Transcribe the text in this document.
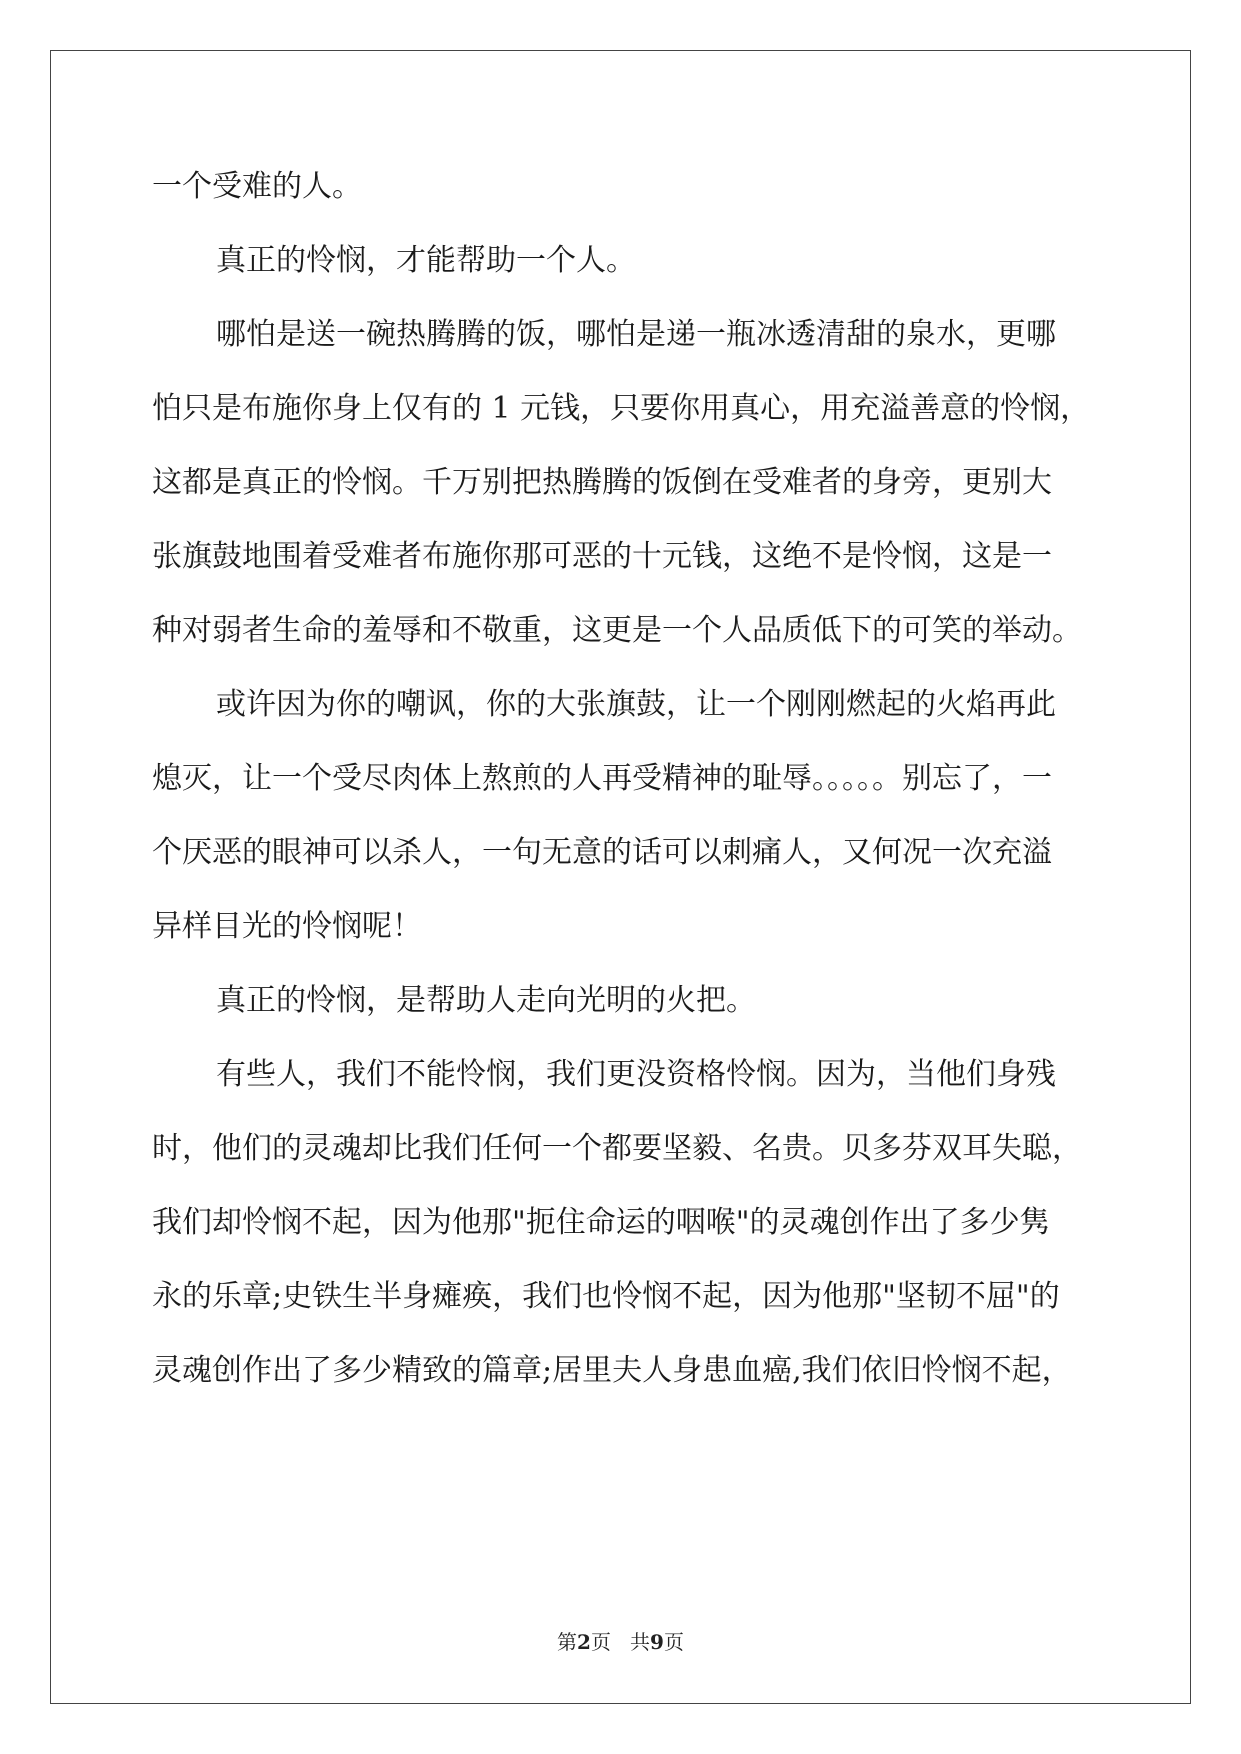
一个受难的人。
真正的怜悯，才能帮助一个人。
哪怕是送一碗热腾腾的饭，哪怕是递一瓶冰透清甜的泉水，更哪
怕只是布施你身上仅有的 1 元钱，只要你用真心，用充溢善意的怜悯，
这都是真正的怜悯。千万别把热腾腾的饭倒在受难者的身旁，更别大
张旗鼓地围着受难者布施你那可恶的十元钱，这绝不是怜悯，这是一
种对弱者生命的羞辱和不敬重，这更是一个人品质低下的可笑的举动。
或许因为你的嘲讽，你的大张旗鼓，让一个刚刚燃起的火焰再此
熄灭，让一个受尽肉体上熬煎的人再受精神的耻辱。。。。。别忘了，一
个厌恶的眼神可以杀人，一句无意的话可以刺痛人，又何况一次充溢
异样目光的怜悯呢！
真正的怜悯，是帮助人走向光明的火把。
有些人，我们不能怜悯，我们更没资格怜悯。因为，当他们身残
时，他们的灵魂却比我们任何一个都要坚毅、名贵。贝多芬双耳失聪，
我们却怜悯不起，因为他那"扼住命运的咽喉"的灵魂创作出了多少隽
永的乐章;史铁生半身瘫痪，我们也怜悯不起，因为他那"坚韧不屈"的
灵魂创作出了多少精致的篇章;居里夫人身患血癌,我们依旧怜悯不起，
第2页 共9页
